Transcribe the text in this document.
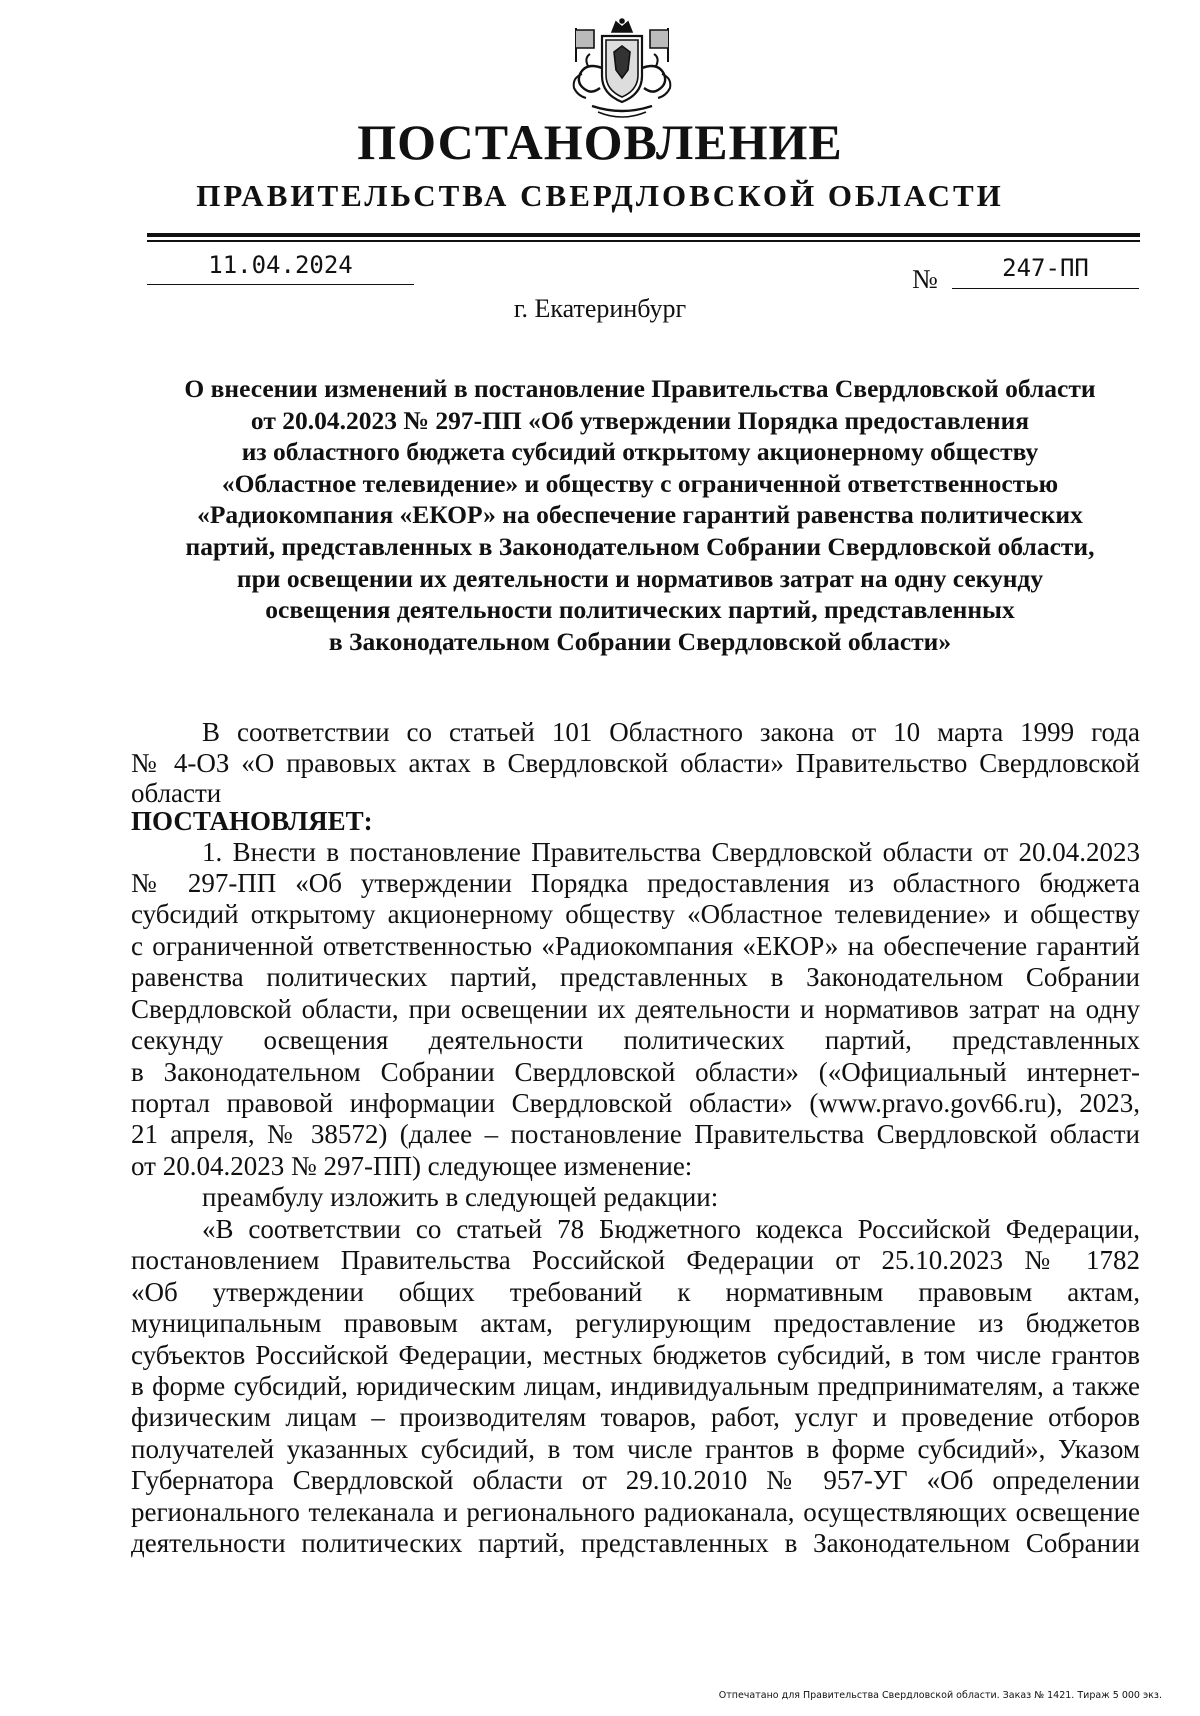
ПОСТАНОВЛЕНИЕ
ПРАВИТЕЛЬСТВА СВЕРДЛОВСКОЙ ОБЛАСТИ
11.04.2024	№	247-ПП
г. Екатеринбург
О внесении изменений в постановление Правительства Свердловской области
от 20.04.2023 № 297-ПП «Об утверждении Порядка предоставления
из областного бюджета субсидий открытому акционерному обществу
«Областное телевидение» и обществу с ограниченной ответственностью
«Радиокомпания «ЕКОР» на обеспечение гарантий равенства политических
партий, представленных в Законодательном Собрании Свердловской области,
при освещении их деятельности и нормативов затрат на одну секунду
освещения деятельности политических партий, представленных
в Законодательном Собрании Свердловской области»
В соответствии со статьей 101 Областного закона от 10 марта 1999 года
№ 4-ОЗ «О правовых актах в Свердловской области» Правительство Свердловской
области
ПОСТАНОВЛЯЕТ:
1. Внести в постановление Правительства Свердловской области от 20.04.2023
№ 297-ПП «Об утверждении Порядка предоставления из областного бюджета
субсидий открытому акционерному обществу «Областное телевидение» и обществу
с ограниченной ответственностью «Радиокомпания «ЕКОР» на обеспечение гарантий
равенства политических партий, представленных в Законодательном Собрании
Свердловской области, при освещении их деятельности и нормативов затрат на одну
секунду освещения деятельности политических партий, представленных
в Законодательном Собрании Свердловской области» («Официальный интернет-
портал правовой информации Свердловской области» (www.pravo.gov66.ru), 2023,
21 апреля, № 38572) (далее – постановление Правительства Свердловской области
от 20.04.2023 № 297-ПП) следующее изменение:
преамбулу изложить в следующей редакции:
«В соответствии со статьей 78 Бюджетного кодекса Российской Федерации,
постановлением Правительства Российской Федерации от 25.10.2023 № 1782
«Об утверждении общих требований к нормативным правовым актам,
муниципальным правовым актам, регулирующим предоставление из бюджетов
субъектов Российской Федерации, местных бюджетов субсидий, в том числе грантов
в форме субсидий, юридическим лицам, индивидуальным предпринимателям, а также
физическим лицам – производителям товаров, работ, услуг и проведение отборов
получателей указанных субсидий, в том числе грантов в форме субсидий», Указом
Губернатора Свердловской области от 29.10.2010 № 957-УГ «Об определении
регионального телеканала и регионального радиоканала, осуществляющих освещение
деятельности политических партий, представленных в Законодательном Собрании
Отпечатано для Правительства Свердловской области. Заказ № 1421. Тираж 5 000 экз.
